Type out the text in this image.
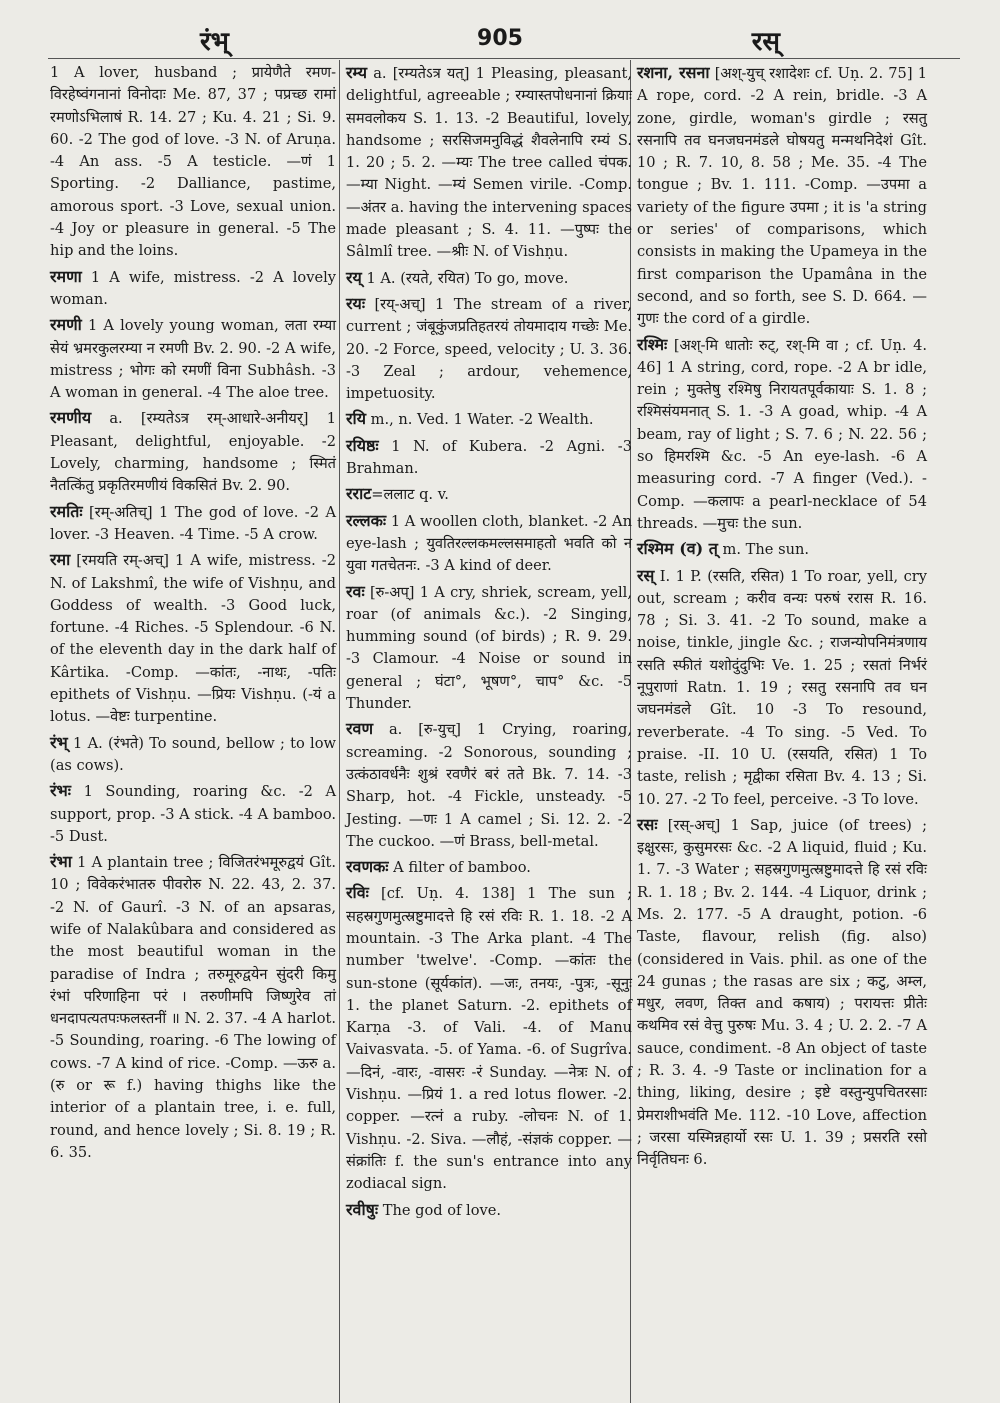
रंभ्	905	रस्

1 A lover, husband ; प्रायेणैते रमण-विरहेष्वंगनानां विनोदाः Me. 87, 37 ; पप्रच्छ रामां रमणोऽभिलाषं R. 14. 27 ; Ku. 4. 21 ; Si. 9. 60. -2 The god of love. -3 N. of Aruṇa. -4 An ass. -5 A testicle. —णं 1 Sporting. -2 Dalliance, pastime, amorous sport. -3 Love, sexual union. -4 Joy or pleasure in general. -5 The hip and the loins.

रमणा 1 A wife, mistress. -2 A lovely woman.

रमणी 1 A lovely young woman, लता रम्या सेयं भ्रमरकुलरम्या न रमणी Bv. 2. 90. -2 A wife, mistress ; भोगः को रमणीं विना Subhâsh. -3 A woman in general. -4 The aloe tree.

रमणीय a. [रम्यतेऽत्र रम्-आधारे-अनीयर्] 1 Pleasant, delightful, enjoyable. -2 Lovely, charming, handsome ; स्मितं नैतत्किंतु प्रकृतिरमणीयं विकसितं Bv. 2. 90.

रमतिः [रम्-अतिच्] 1 The god of love. -2 A lover. -3 Heaven. -4 Time. -5 A crow.

रमा [रमयति रम्-अच्] 1 A wife, mistress. -2 N. of Lakshmî, the wife of Vishṇu, and Goddess of wealth. -3 Good luck, fortune. -4 Riches. -5 Splendour. -6 N. of the eleventh day in the dark half of Kârtika. -Comp. —कांतः, -नाथः, -पतिः epithets of Vishṇu. —प्रियः Vishṇu. (-यं a lotus. —वेष्टः turpentine.

रंभ् 1 A. (रंभते) To sound, bellow ; to low (as cows).

रंभः 1 Sounding, roaring &c. -2 A support, prop. -3 A stick. -4 A bamboo. -5 Dust.

रंभा 1 A plantain tree ; विजितरंभमूरुद्वयं Gît. 10 ; विवेकरंभातरु पीवरोरु N. 22. 43, 2. 37. -2 N. of Gaurî. -3 N. of an apsaras, wife of Nalakûbara and considered as the most beautiful woman in the paradise of Indra ; तरुमूरुद्वयेन सुंदरी किमु रंभां परिणाहिना परं । तरुणीमपि जिष्णुरेव तां धनदापत्यतपःफलस्तनीं ॥ N. 2. 37. -4 A harlot. -5 Sounding, roaring. -6 The lowing of cows. -7 A kind of rice. -Comp. —ऊरु a. (रु or रू f.) having thighs like the interior of a plantain tree, i. e. full, round, and hence lovely ; Si. 8. 19 ; R. 6. 35.

रम्य a. [रम्यतेऽत्र यत्] 1 Pleasing, pleasant, delightful, agreeable ; रम्यास्तपोधनानां क्रियाः समवलोकय S. 1. 13. -2 Beautiful, lovely, handsome ; सरसिजमनुविद्धं शैवलेनापि रम्यं S. 1. 20 ; 5. 2. —म्यः The tree called चंपक. —म्या Night. —म्यं Semen virile. -Comp. —अंतर a. having the intervening spaces made pleasant ; S. 4. 11. —पुष्पः the Sâlmlî tree. —श्रीः N. of Vishṇu.

रय् 1 A. (रयते, रयित) To go, move.

रयः [रय्-अच्] 1 The stream of a river, current ; जंबूकुंजप्रतिहतरयं तोयमादाय गच्छेः Me. 20. -2 Force, speed, velocity ; U. 3. 36. -3 Zeal ; ardour, vehemence, impetuosity.

रयि m., n. Ved. 1 Water. -2 Wealth.

रयिष्ठः 1 N. of Kubera. -2 Agni. -3 Brahman.

रराट=ललाट q. v.

रल्लकः 1 A woollen cloth, blanket. -2 An eye-lash ; युवतिरल्लकमल्लसमाहतो भवति को न युवा गतचेतनः. -3 A kind of deer.

रवः [रु-अप्] 1 A cry, shriek, scream, yell, roar (of animals &c.). -2 Singing, humming sound (of birds) ; R. 9. 29. -3 Clamour. -4 Noise or sound in general ; घंटा°, भूषण°, चाप° &c. -5 Thunder.

रवण a. [रु-युच्] 1 Crying, roaring, screaming. -2 Sonorous, sounding ; उत्कंठावर्धनैः शुश्रं रवणैरं बरं तते Bk. 7. 14. -3 Sharp, hot. -4 Fickle, unsteady. -5 Jesting. —णः 1 A camel ; Si. 12. 2. -2 The cuckoo. —णं Brass, bell-metal.

रवणकः A filter of bamboo.

रविः [cf. Uṇ. 4. 138] 1 The sun ; सहस्रगुणमुत्स्रष्टुमादत्ते हि रसं रविः R. 1. 18. -2 A mountain. -3 The Arka plant. -4 The number 'twelve'. -Comp. —कांतः the sun-stone (सूर्यकांत). —जः, तनयः, -पुत्रः, -सूनुः 1. the planet Saturn. -2. epithets of Karṇa -3. of Vali. -4. of Manu Vaivasvata. -5. of Yama. -6. of Sugrîva. —दिनं, -वारः, -वासरः -रं Sunday. —नेत्रः N. of Vishṇu. —प्रियं 1. a red lotus flower. -2. copper. —रत्नं a ruby. -लोचनः N. of 1. Vishṇu. -2. Siva. —लौहं, -संज्ञकं copper. —संक्रांतिः f. the sun's entrance into any zodiacal sign.

रवीषुः The god of love.

रशना, रसना [अश्-युच् रशादेशः cf. Uṇ. 2. 75] 1 A rope, cord. -2 A rein, bridle. -3 A zone, girdle, woman's girdle ; रसतु रसनापि तव घनजघनमंडले घोषयतु मन्मथनिदेशं Gît. 10 ; R. 7. 10, 8. 58 ; Me. 35. -4 The tongue ; Bv. 1. 111. -Comp. —उपमा a variety of the figure उपमा ; it is 'a string or series' of comparisons, which consists in making the Upameya in the first comparison the Upamâna in the second, and so forth, see S. D. 664. —गुणः the cord of a girdle.

रश्मिः [अश्-मि धातोः रुट्, रश्-मि वा ; cf. Uṇ. 4. 46] 1 A string, cord, rope. -2 A br idle, rein ; मुक्तेषु रश्मिषु निरायतपूर्वकायाः S. 1. 8 ; रश्मिसंयमनात् S. 1. -3 A goad, whip. -4 A beam, ray of light ; S. 7. 6 ; N. 22. 56 ; so हिमरश्मि &c. -5 An eye-lash. -6 A measuring cord. -7 A finger (Ved.). -Comp. —कलापः a pearl-necklace of 54 threads. —मुचः the sun.

रश्मिम (व) त् m. The sun.

रस् I. 1 P. (रसति, रसित) 1 To roar, yell, cry out, scream ; करीव वन्यः परुषं ररास R. 16. 78 ; Si. 3. 41. -2 To sound, make a noise, tinkle, jingle &c. ; राजन्योपनिमंत्रणाय रसति स्फीतं यशोदुंदुभिः Ve. 1. 25 ; रसतां निर्भरं नूपुराणां Ratn. 1. 19 ; रसतु रसनापि तव घन जघनमंडले Gît. 10 -3 To resound, reverberate. -4 To sing. -5 Ved. To praise. -II. 10 U. (रसयति, रसित) 1 To taste, relish ; मृद्वीका रसिता Bv. 4. 13 ; Si. 10. 27. -2 To feel, perceive. -3 To love.

रसः [रस्-अच्] 1 Sap, juice (of trees) ; इक्षुरसः, कुसुमरसः &c. -2 A liquid, fluid ; Ku. 1. 7. -3 Water ; सहस्रगुणमुत्स्रष्टुमादत्ते हि रसं रविः R. 1. 18 ; Bv. 2. 144. -4 Liquor, drink ; Ms. 2. 177. -5 A draught, potion. -6 Taste, flavour, relish (fig. also) (considered in Vais. phil. as one of the 24 gunas ; the rasas are six ; कटु, अम्ल, मधुर, लवण, तिक्त and कषाय) ; परायत्तः प्रीतेः कथमिव रसं वेत्तु पुरुषः Mu. 3. 4 ; U. 2. 2. -7 A sauce, condiment. -8 An object of taste ; R. 3. 4. -9 Taste or inclination for a thing, liking, desire ; इष्टे वस्तुन्युपचितरसाः प्रेमराशीभवंति Me. 112. -10 Love, affection ; जरसा यस्मिन्नहार्यो रसः U. 1. 39 ; प्रसरति रसो निर्वृतिघनः 6.
